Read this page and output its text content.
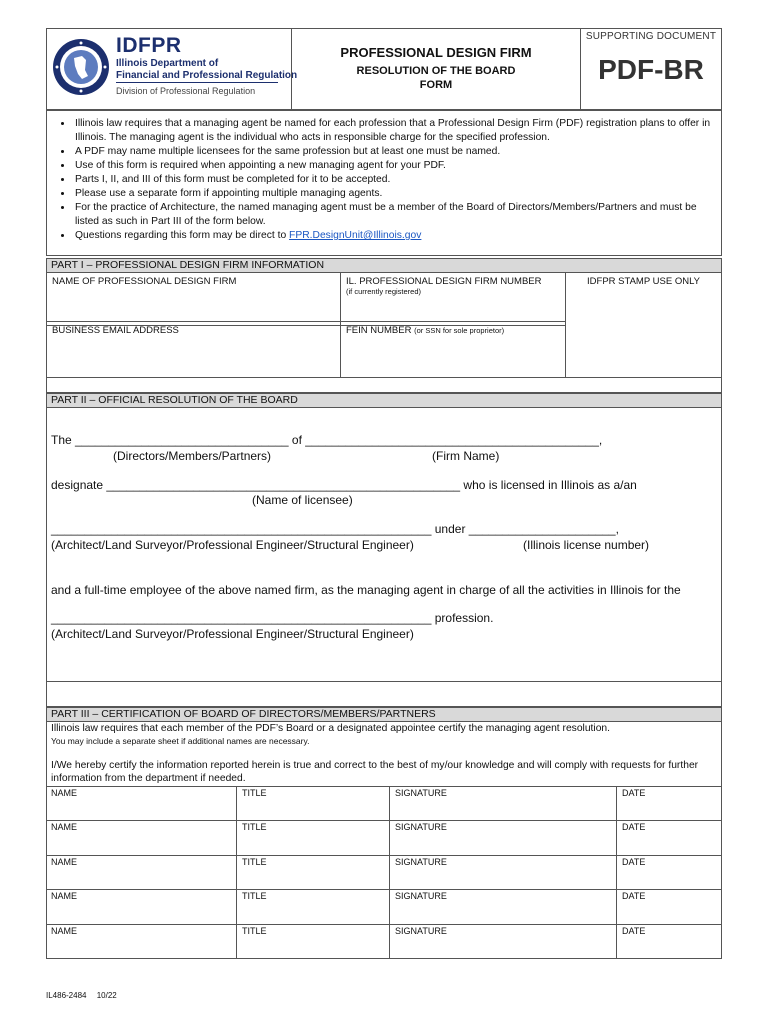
IDFPR
Illinois Department of
Financial and Professional Regulation
Division of Professional Regulation
PROFESSIONAL DESIGN FIRM
RESOLUTION OF THE BOARD
FORM
SUPPORTING DOCUMENT
PDF-BR
• Illinois law requires that a managing agent be named for each profession that a Professional Design Firm (PDF) registration plans to offer in Illinois. The managing agent is the individual who acts in responsible charge for the specified profession.
• A PDF may name multiple licensees for the same profession but at least one must be named.
• Use of this form is required when appointing a new managing agent for your PDF.
• Parts I, II, and III of this form must be completed for it to be accepted.
• Please use a separate form if appointing multiple managing agents.
• For the practice of Architecture, the named managing agent must be a member of the Board of Directors/Members/Partners and must be listed as such in Part III of the form below.
• Questions regarding this form may be direct to FPR.DesignUnit@Illinois.gov
PART I – PROFESSIONAL DESIGN FIRM INFORMATION
NAME OF PROFESSIONAL DESIGN FIRM	IL. PROFESSIONAL DESIGN FIRM NUMBER
(if currently registered)
IDFPR STAMP USE ONLY
BUSINESS EMAIL ADDRESS	FEIN NUMBER (or SSN for sole proprietor)
PART II – OFFICIAL RESOLUTION OF THE BOARD
The ________________________________ of ____________________________________________,
(Directors/Members/Partners)	(Firm Name)
designate _____________________________________________________ who is licensed in Illinois as a/an
(Name of licensee)
_________________________________________________________ under ______________________,
(Architect/Land Surveyor/Professional Engineer/Structural Engineer)	(Illinois license number)
and a full-time employee of the above named firm, as the managing agent in charge of all the activities in Illinois for the
_________________________________________________________ profession.
(Architect/Land Surveyor/Professional Engineer/Structural Engineer)
PART III – CERTIFICATION OF BOARD OF DIRECTORS/MEMBERS/PARTNERS
Illinois law requires that each member of the PDF’s Board or a designated appointee certify the managing agent resolution.
You may include a separate sheet if additional names are necessary.
I/We hereby certify the information reported herein is true and correct to the best of my/our knowledge and will comply with requests for further information from the department if needed.
NAME	TITLE	SIGNATURE	DATE
NAME	TITLE	SIGNATURE	DATE
NAME	TITLE	SIGNATURE	DATE
NAME	TITLE	SIGNATURE	DATE
NAME	TITLE	SIGNATURE	DATE
IL486-2484 10/22
